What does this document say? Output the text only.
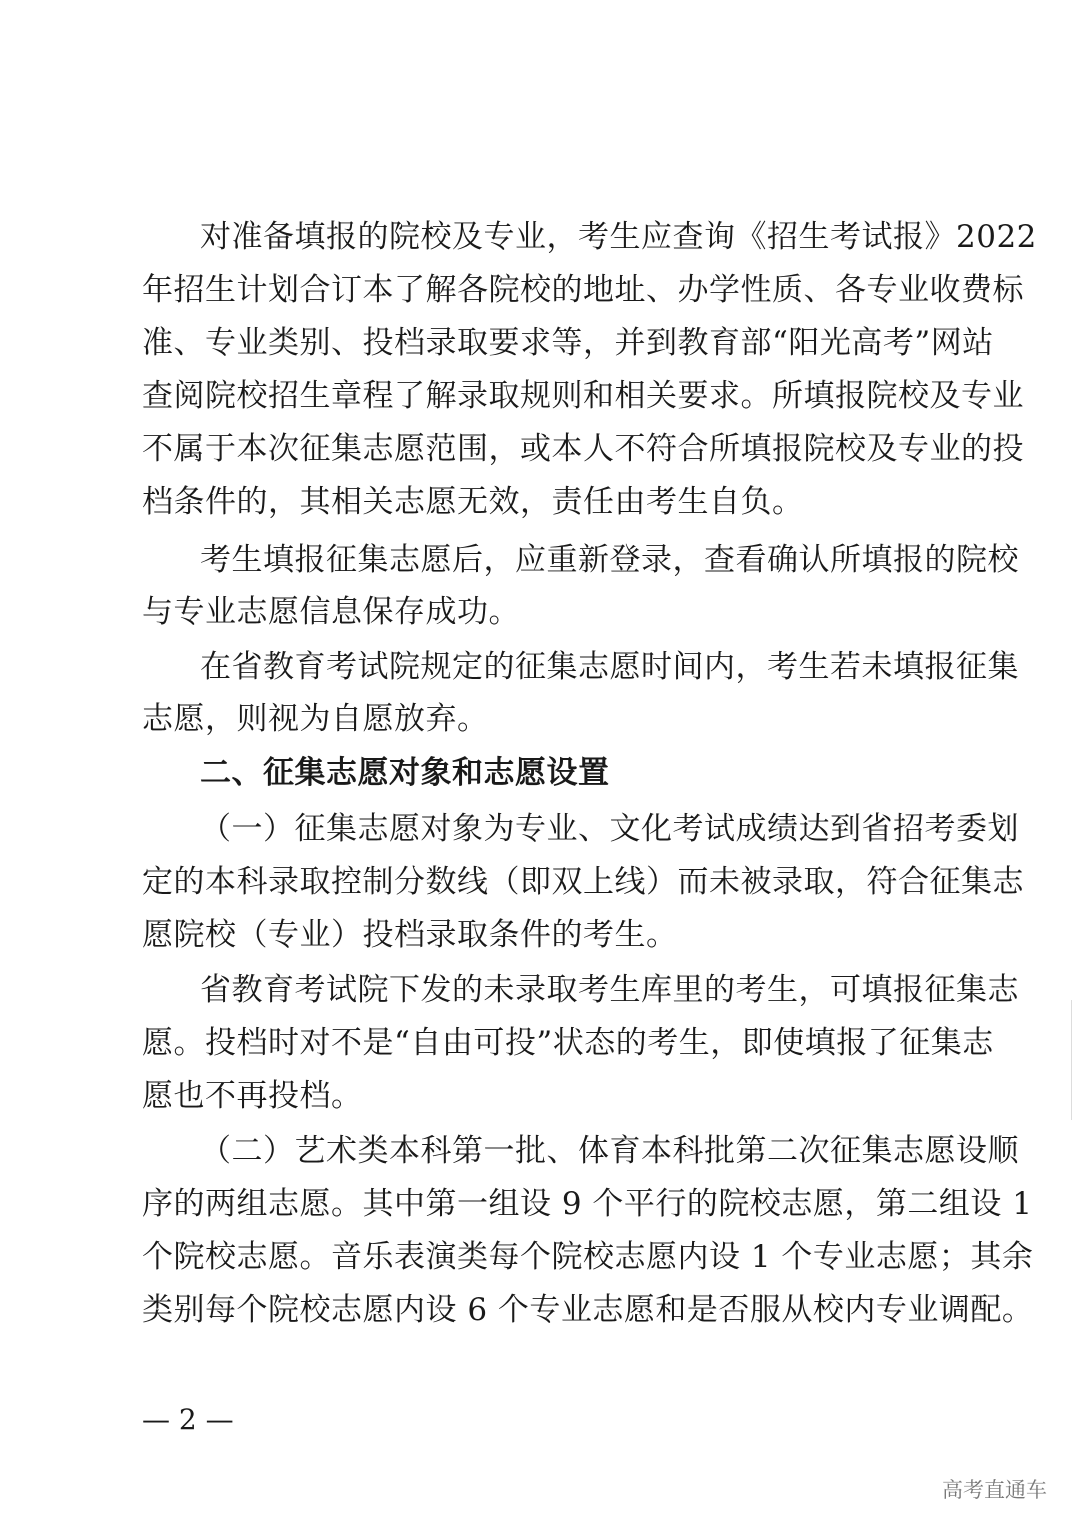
对准备填报的院校及专业，考生应查询《招生考试报》2022
年招生计划合订本了解各院校的地址、办学性质、各专业收费标
准、专业类别、投档录取要求等，并到教育部“阳光高考”网站
查阅院校招生章程了解录取规则和相关要求。所填报院校及专业
不属于本次征集志愿范围，或本人不符合所填报院校及专业的投
档条件的，其相关志愿无效，责任由考生自负。
考生填报征集志愿后，应重新登录，查看确认所填报的院校
与专业志愿信息保存成功。
在省教育考试院规定的征集志愿时间内，考生若未填报征集
志愿，则视为自愿放弃。
二、征集志愿对象和志愿设置
（一）征集志愿对象为专业、文化考试成绩达到省招考委划
定的本科录取控制分数线（即双上线）而未被录取，符合征集志
愿院校（专业）投档录取条件的考生。
省教育考试院下发的未录取考生库里的考生，可填报征集志
愿。投档时对不是“自由可投”状态的考生，即使填报了征集志
愿也不再投档。
（二）艺术类本科第一批、体育本科批第二次征集志愿设顺
序的两组志愿。其中第一组设 9 个平行的院校志愿，第二组设 1
个院校志愿。音乐表演类每个院校志愿内设 1 个专业志愿；其余
类别每个院校志愿内设 6 个专业志愿和是否服从校内专业调配。
— 2 —
高考直通车
